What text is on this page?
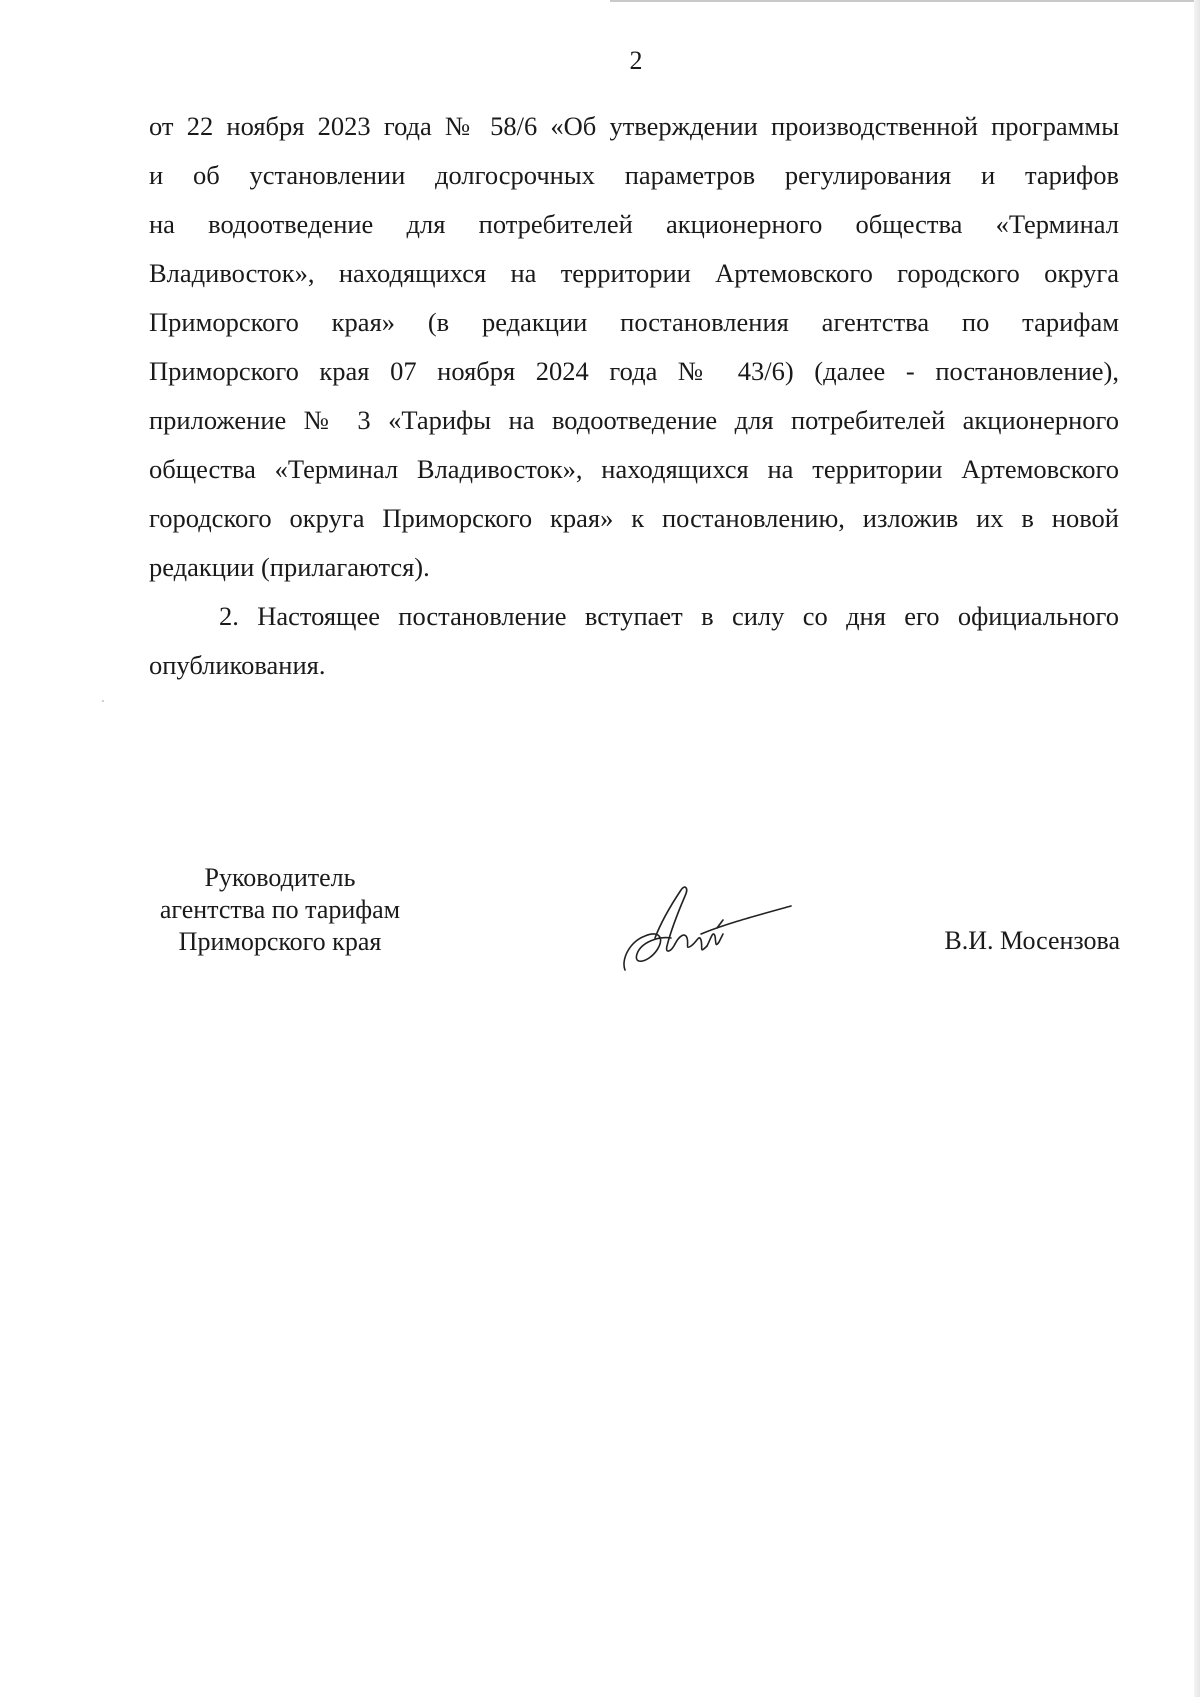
2
от 22 ноября 2023 года № 58/6 «Об утверждении производственной программы
и об установлении долгосрочных параметров регулирования и тарифов
на водоотведение для потребителей акционерного общества «Терминал
Владивосток», находящихся на территории Артемовского городского округа
Приморского края» (в редакции постановления агентства по тарифам
Приморского края 07 ноября 2024 года № 43/6) (далее - постановление),
приложение № 3 «Тарифы на водоотведение для потребителей акционерного
общества «Терминал Владивосток», находящихся на территории Артемовского
городского округа Приморского края» к постановлению, изложив их в новой
редакции (прилагаются).
2. Настоящее постановление вступает в силу со дня его официального
опубликования.
Руководитель
агентства по тарифам
Приморского края	В.И. Мосензова
